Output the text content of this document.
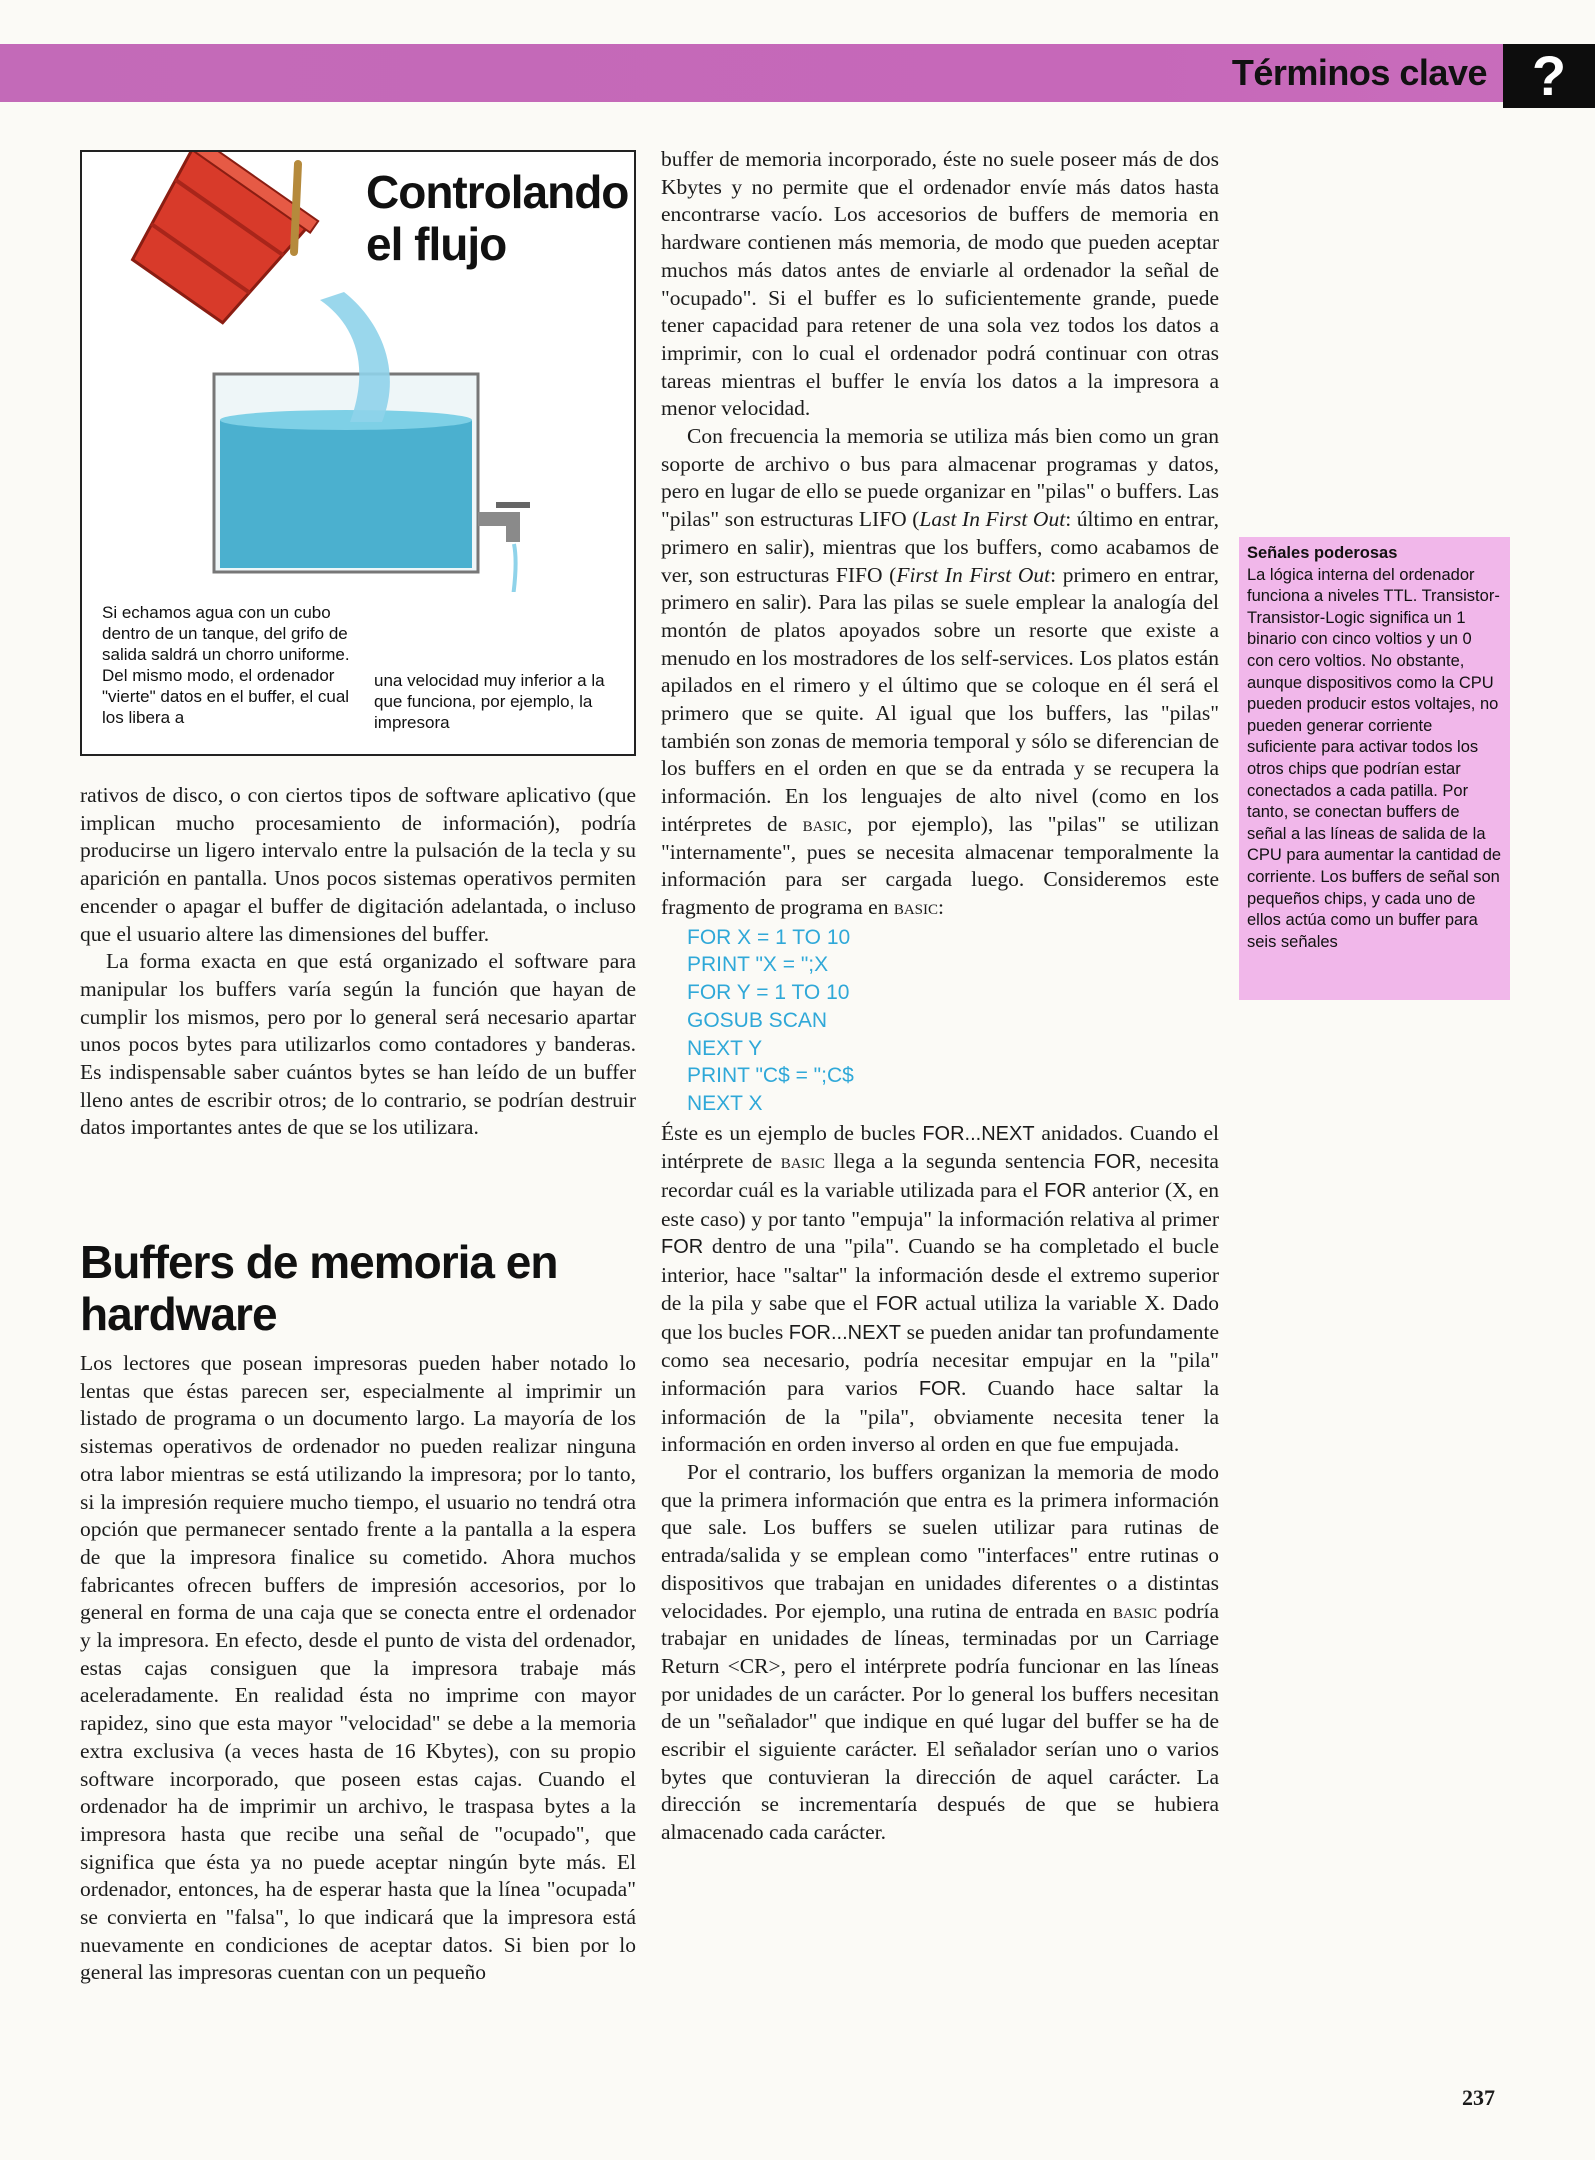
Términos clave ?
Controlando el flujo
Si echamos agua con un cubo dentro de un tanque, del grifo de salida saldrá un chorro uniforme. Del mismo modo, el ordenador "vierte" datos en el buffer, el cual los libera a
una velocidad muy inferior a la que funciona, por ejemplo, la impresora

rativos de disco, o con ciertos tipos de software aplicativo (que implican mucho procesamiento de información), podría producirse un ligero intervalo entre la pulsación de la tecla y su aparición en pantalla. Unos pocos sistemas operativos permiten encender o apagar el buffer de digitación adelantada, o incluso que el usuario altere las dimensiones del buffer.

La forma exacta en que está organizado el software para manipular los buffers varía según la función que hayan de cumplir los mismos, pero por lo general será necesario apartar unos pocos bytes para utilizarlos como contadores y banderas. Es indispensable saber cuántos bytes se han leído de un buffer lleno antes de escribir otros; de lo contrario, se podrían destruir datos importantes antes de que se los utilizara.

Buffers de memoria en hardware

Los lectores que posean impresoras pueden haber notado lo lentas que éstas parecen ser, especialmente al imprimir un listado de programa o un documento largo. La mayoría de los sistemas operativos de ordenador no pueden realizar ninguna otra labor mientras se está utilizando la impresora; por lo tanto, si la impresión requiere mucho tiempo, el usuario no tendrá otra opción que permanecer sentado frente a la pantalla a la espera de que la impresora finalice su cometido. Ahora muchos fabricantes ofrecen buffers de impresión accesorios, por lo general en forma de una caja que se conecta entre el ordenador y la impresora. En efecto, desde el punto de vista del ordenador, estas cajas consiguen que la impresora trabaje más aceleradamente. En realidad ésta no imprime con mayor rapidez, sino que esta mayor "velocidad" se debe a la memoria extra exclusiva (a veces hasta de 16 Kbytes), con su propio software incorporado, que poseen estas cajas. Cuando el ordenador ha de imprimir un archivo, le traspasa bytes a la impresora hasta que recibe una señal de "ocupado", que significa que ésta ya no puede aceptar ningún byte más. El ordenador, entonces, ha de esperar hasta que la línea "ocupada" se convierta en "falsa", lo que indicará que la impresora está nuevamente en condiciones de aceptar datos. Si bien por lo general las impresoras cuentan con un pequeño

buffer de memoria incorporado, éste no suele poseer más de dos Kbytes y no permite que el ordenador envíe más datos hasta encontrarse vacío. Los accesorios de buffers de memoria en hardware contienen más memoria, de modo que pueden aceptar muchos más datos antes de enviarle al ordenador la señal de "ocupado". Si el buffer es lo suficientemente grande, puede tener capacidad para retener de una sola vez todos los datos a imprimir, con lo cual el ordenador podrá continuar con otras tareas mientras el buffer le envía los datos a la impresora a menor velocidad.

Con frecuencia la memoria se utiliza más bien como un gran soporte de archivo o bus para almacenar programas y datos, pero en lugar de ello se puede organizar en "pilas" o buffers. Las "pilas" son estructuras LIFO (Last In First Out: último en entrar, primero en salir), mientras que los buffers, como acabamos de ver, son estructuras FIFO (First In First Out: primero en entrar, primero en salir). Para las pilas se suele emplear la analogía del montón de platos apoyados sobre un resorte que existe a menudo en los mostradores de los self-services. Los platos están apilados en el rimero y el último que se coloque en él será el primero que se quite. Al igual que los buffers, las "pilas" también son zonas de memoria temporal y sólo se diferencian de los buffers en el orden en que se da entrada y se recupera la información. En los lenguajes de alto nivel (como en los intérpretes de basic, por ejemplo), las "pilas" se utilizan "internamente", pues se necesita almacenar temporalmente la información para ser cargada luego. Consideremos este fragmento de programa en basic:

FOR X = 1 TO 10
PRINT "X = ";X
FOR Y = 1 TO 10
GOSUB SCAN
NEXT Y
PRINT "C$ = ";C$
NEXT X

Éste es un ejemplo de bucles FOR...NEXT anidados. Cuando el intérprete de basic llega a la segunda sentencia FOR, necesita recordar cuál es la variable utilizada para el FOR anterior (X, en este caso) y por tanto "empuja" la información relativa al primer FOR dentro de una "pila". Cuando se ha completado el bucle interior, hace "saltar" la información desde el extremo superior de la pila y sabe que el FOR actual utiliza la variable X. Dado que los bucles FOR...NEXT se pueden anidar tan profundamente como sea necesario, podría necesitar empujar en la "pila" información para varios FOR. Cuando hace saltar la información de la "pila", obviamente necesita tener la información en orden inverso al orden en que fue empujada.

Por el contrario, los buffers organizan la memoria de modo que la primera información que entra es la primera información que sale. Los buffers se suelen utilizar para rutinas de entrada/salida y se emplean como "interfaces" entre rutinas o dispositivos que trabajan en unidades diferentes o a distintas velocidades. Por ejemplo, una rutina de entrada en basic podría trabajar en unidades de líneas, terminadas por un Carriage Return <CR>, pero el intérprete podría funcionar en las líneas por unidades de un carácter. Por lo general los buffers necesitan de un "señalador" que indique en qué lugar del buffer se ha de escribir el siguiente carácter. El señalador serían uno o varios bytes que contuvieran la dirección de aquel carácter. La dirección se incrementaría después de que se hubiera almacenado cada carácter.

Señales poderosas
La lógica interna del ordenador funciona a niveles TTL. Transistor-Transistor-Logic significa un 1 binario con cinco voltios y un 0 con cero voltios. No obstante, aunque dispositivos como la CPU pueden producir estos voltajes, no pueden generar corriente suficiente para activar todos los otros chips que podrían estar conectados a cada patilla. Por tanto, se conectan buffers de señal a las líneas de salida de la CPU para aumentar la cantidad de corriente. Los buffers de señal son pequeños chips, y cada uno de ellos actúa como un buffer para seis señales
237
